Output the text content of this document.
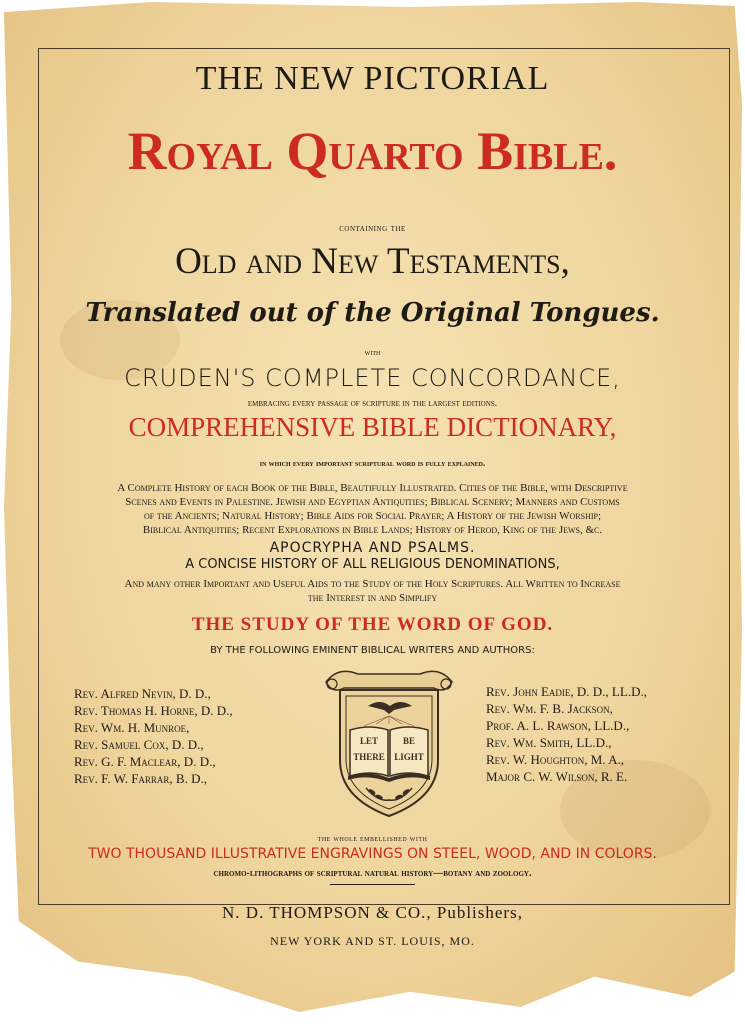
THE NEW PICTORIAL
Royal Quarto Bible.
containing the
Old and New Testaments,
Translated out of the Original Tongues.
with
CRUDEN'S COMPLETE CONCORDANCE,
embracing every passage of scripture in the largest editions.
COMPREHENSIVE BIBLE DICTIONARY,
in which every important scriptural word is fully explained.
A Complete History of each Book of the Bible, Beautifully Illustrated. Cities of the Bible, with Descriptive
Scenes and Events in Palestine. Jewish and Egyptian Antiquities; Biblical Scenery; Manners and Customs
of the Ancients; Natural History; Bible Aids for Social Prayer; A History of the Jewish Worship;
Biblical Antiquities; Recent Explorations in Bible Lands; History of Herod, King of the Jews, &c.
APOCRYPHA AND PSALMS.
A CONCISE HISTORY OF ALL RELIGIOUS DENOMINATIONS,
And many other Important and Useful Aids to the Study of the Holy Scriptures. All Written to Increase
the Interest in and Simplify
THE STUDY OF THE WORD OF GOD.
BY THE FOLLOWING EMINENT BIBLICAL WRITERS AND AUTHORS:
Rev. Alfred Nevin, D. D.,
Rev. Thomas H. Horne, D. D.,
Rev. Wm. H. Munroe,
Rev. Samuel Cox, D. D.,
Rev. G. F. Maclear, D. D.,
Rev. F. W. Farrar, B. D.,
LET
THERE
BE
LIGHT
Rev. John Eadie, D. D., LL.D.,
Rev. Wm. F. B. Jackson,
Prof. A. L. Rawson, LL.D.,
Rev. Wm. Smith, LL.D.,
Rev. W. Houghton, M. A.,
Major C. W. Wilson, R. E.
the whole embellished with
TWO THOUSAND ILLUSTRATIVE ENGRAVINGS ON STEEL, WOOD, AND IN COLORS.
chromo-lithographs of scriptural natural history—botany and zoology.
N. D. THOMPSON & CO., Publishers,
NEW YORK AND ST. LOUIS, MO.
